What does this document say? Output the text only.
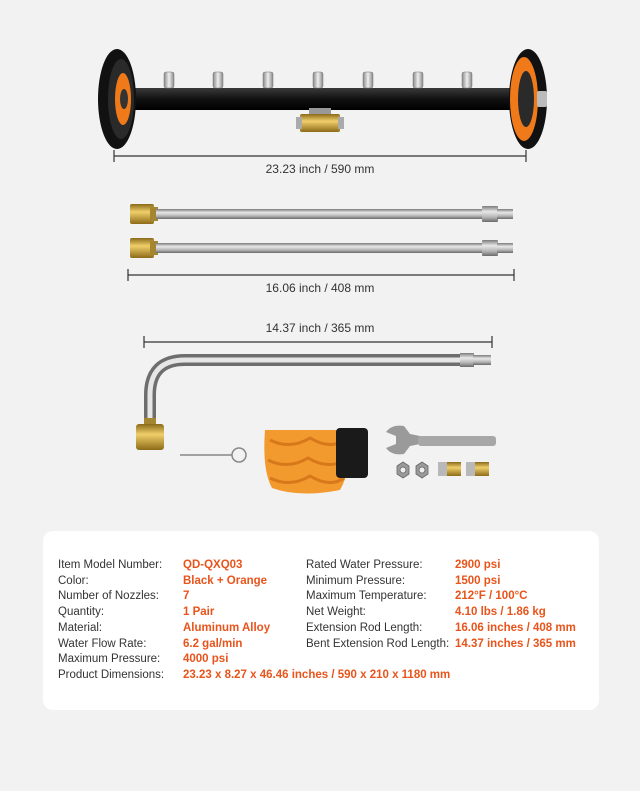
23.23 inch / 590 mm
16.06 inch / 408 mm
14.37 inch / 365 mm
Item Model Number: QD-QXQ03
Color:	Black + Orange
Number of Nozzles: 7
Quantity:	1 Pair
Material:	Aluminum Alloy
Water Flow Rate:	6.2 gal/min
Maximum Pressure: 4000 psi
Product Dimensions: 23.23 x 8.27 x 46.46 inches / 590 x 210 x 1180 mm
Rated Water Pressure:	2900 psi
Minimum Pressure:	1500 psi
Maximum Temperature: 212°F / 100°C
Net Weight:	4.10 lbs / 1.86 kg
Extension Rod Length:	16.06 inches / 408 mm
Bent Extension Rod Length: 14.37 inches / 365 mm
